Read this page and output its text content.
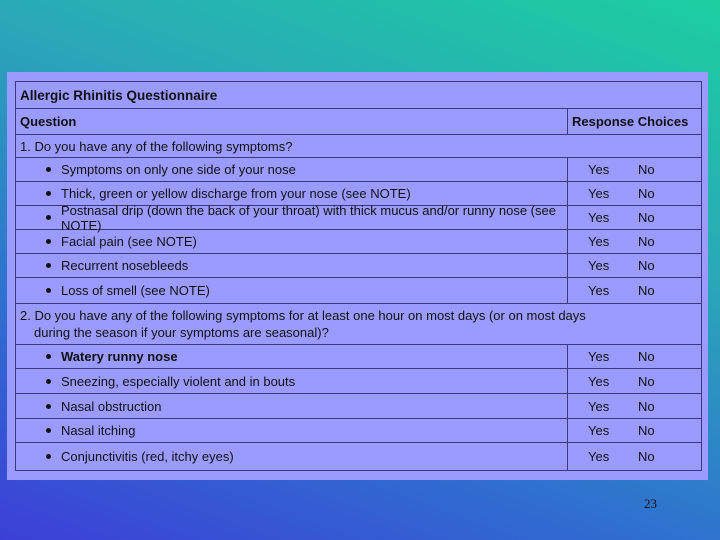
Allergic Rhinitis Questionnaire
Question	Response Choices
1. Do you have any of the following symptoms?
Symptoms on only one side of your nose	Yes No
Thick, green or yellow discharge from your nose (see NOTE)	Yes No
Postnasal drip (down the back of your throat) with thick mucus and/or runny nose (see NOTE)	Yes No
Facial pain (see NOTE)	Yes No
Recurrent nosebleeds	Yes No
Loss of smell (see NOTE)	Yes No
2. Do you have any of the following symptoms for at least one hour on most days (or on most days
during the season if your symptoms are seasonal)?
Watery runny nose	Yes No
Sneezing, especially violent and in bouts	Yes No
Nasal obstruction	Yes No
Nasal itching	Yes No
Conjunctivitis (red, itchy eyes)	Yes No
23
